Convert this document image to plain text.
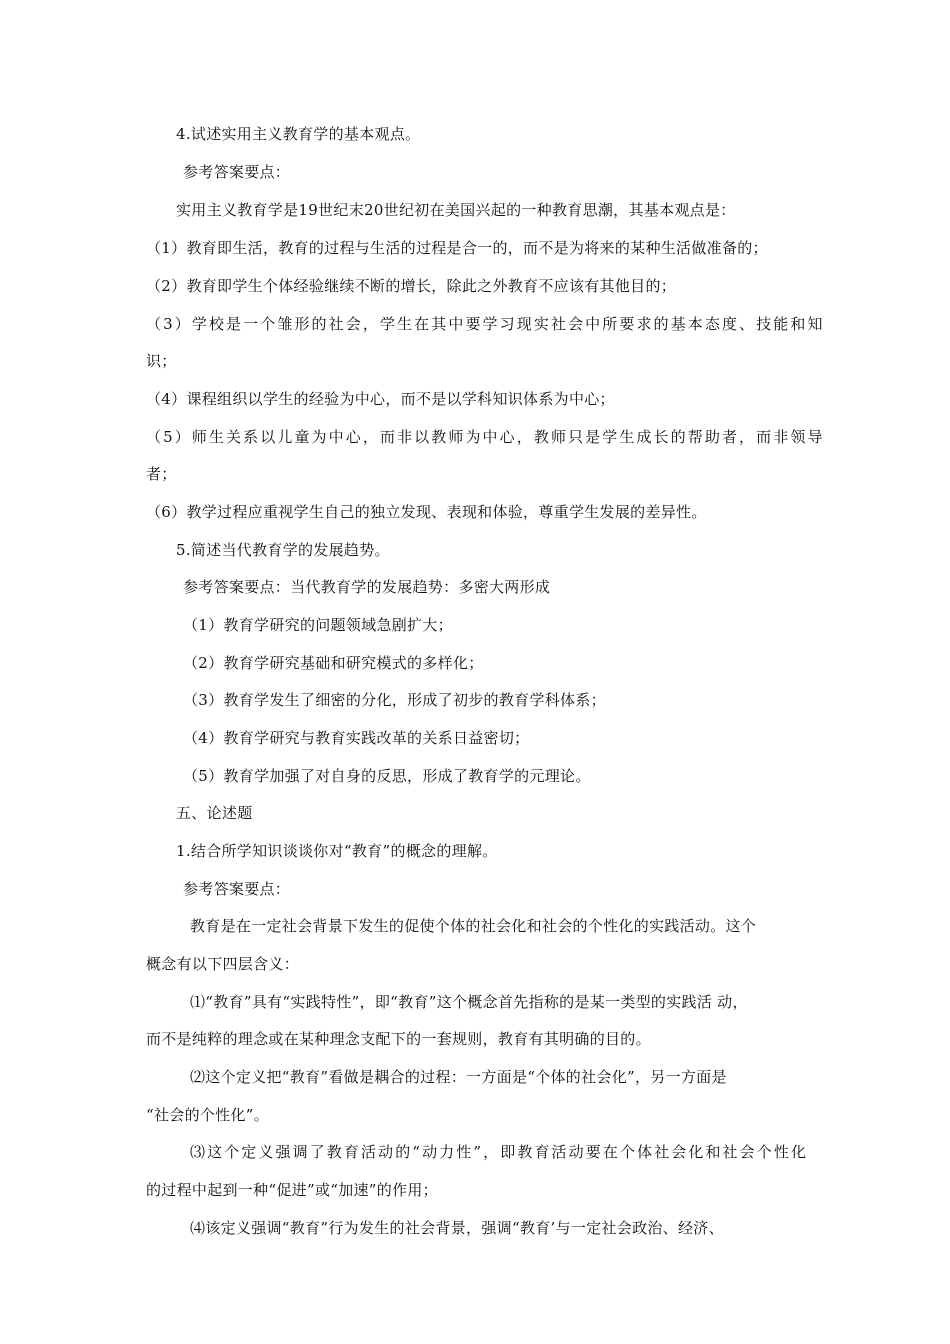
4.试述实用主义教育学的基本观点。
参考答案要点：
实用主义教育学是19世纪末20世纪初在美国兴起的一种教育思潮，其基本观点是：
（1）教育即生活，教育的过程与生活的过程是合一的，而不是为将来的某种生活做准备的；
（2）教育即学生个体经验继续不断的增长，除此之外教育不应该有其他目的；
（3）学校是一个雏形的社会，学生在其中要学习现实社会中所要求的基本态度、技能和知
识；
（4）课程组织以学生的经验为中心，而不是以学科知识体系为中心；
（5）师生关系以儿童为中心，而非以教师为中心，教师只是学生成长的帮助者，而非领导
者；
（6）教学过程应重视学生自己的独立发现、表现和体验，尊重学生发展的差异性。
5.简述当代教育学的发展趋势。
参考答案要点：当代教育学的发展趋势：多密大两形成
（1）教育学研究的问题领域急剧扩大；
（2）教育学研究基础和研究模式的多样化；
（3）教育学发生了细密的分化，形成了初步的教育学科体系；
（4）教育学研究与教育实践改革的关系日益密切；
（5）教育学加强了对自身的反思，形成了教育学的元理论。
五、论述题
1.结合所学知识谈谈你对“教育”的概念的理解。
参考答案要点：
教育是在一定社会背景下发生的促使个体的社会化和社会的个性化的实践活动。这个
概念有以下四层含义：
⑴“教育”具有“实践特性”，即“教育”这个概念首先指称的是某一类型的实践活 动，
而不是纯粹的理念或在某种理念支配下的一套规则，教育有其明确的目的。
⑵这个定义把“教育”看做是耦合的过程：一方面是“个体的社会化”，另一方面是
“社会的个性化”。
⑶这个定义强调了教育活动的“动力性”，即教育活动要在个体社会化和社会个性化
的过程中起到一种“促进”或“加速”的作用；
⑷该定义强调“教育”行为发生的社会背景，强调“教育’与一定社会政治、经济、
